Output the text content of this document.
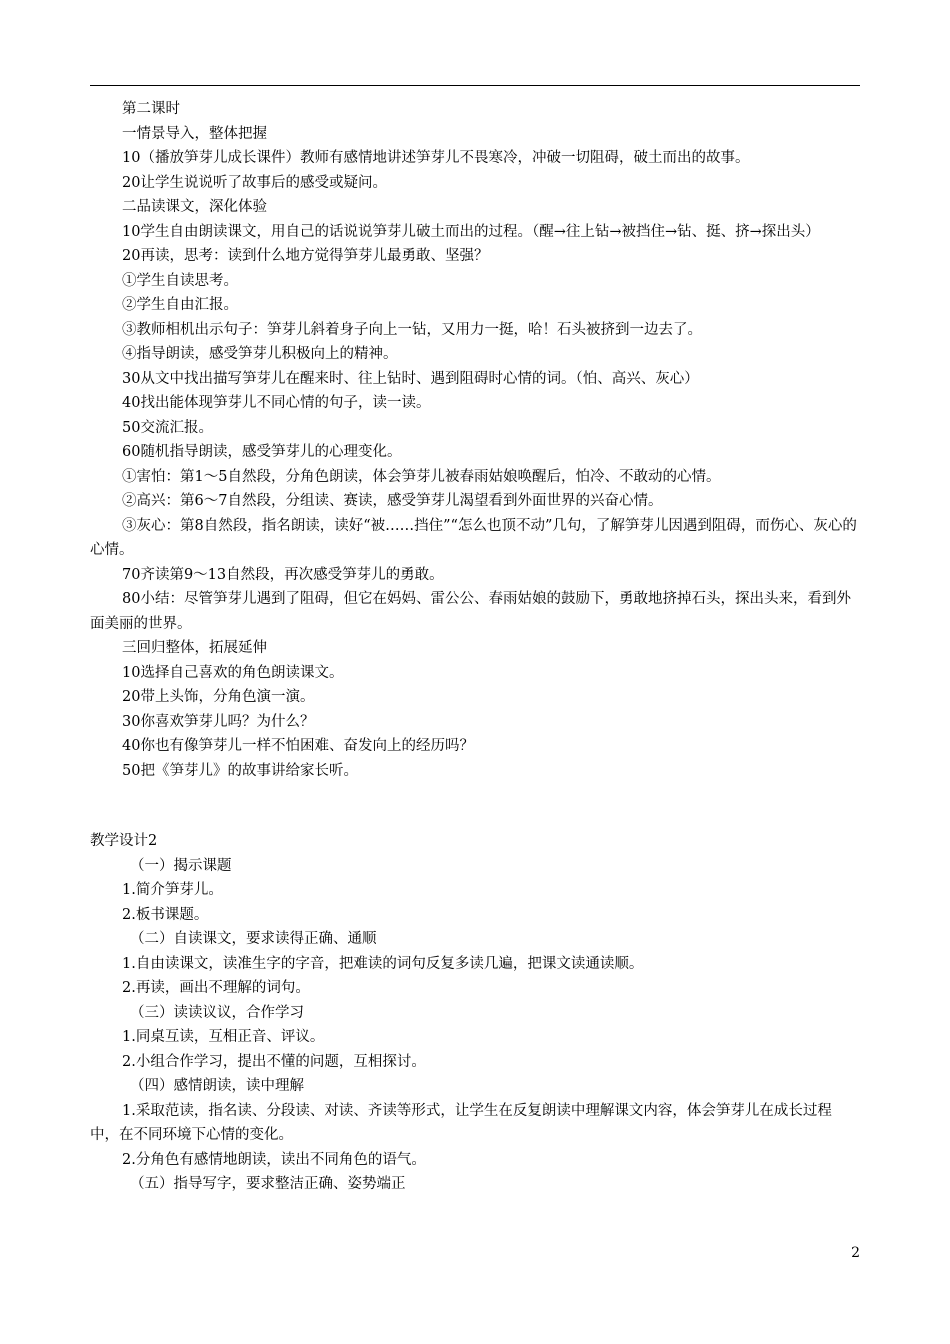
第二课时
一情景导入，整体把握
10（播放笋芽儿成长课件）教师有感情地讲述笋芽儿不畏寒冷，冲破一切阻碍，破土而出的故事。
20让学生说说听了故事后的感受或疑问。
二品读课文，深化体验
10学生自由朗读课文，用自己的话说说笋芽儿破土而出的过程。（醒→往上钻→被挡住→钻、挺、挤→探出头）
20再读，思考：读到什么地方觉得笋芽儿最勇敢、坚强？
①学生自读思考。
②学生自由汇报。
③教师相机出示句子：笋芽儿斜着身子向上一钻，又用力一挺，哈！石头被挤到一边去了。
④指导朗读，感受笋芽儿积极向上的精神。
30从文中找出描写笋芽儿在醒来时、往上钻时、遇到阻碍时心情的词。（怕、高兴、灰心）
40找出能体现笋芽儿不同心情的句子，读一读。
50交流汇报。
60随机指导朗读，感受笋芽儿的心理变化。
①害怕：第1～5自然段，分角色朗读，体会笋芽儿被春雨姑娘唤醒后，怕冷、不敢动的心情。
②高兴：第6～7自然段，分组读、赛读，感受笋芽儿渴望看到外面世界的兴奋心情。
③灰心：第8自然段，指名朗读，读好“被……挡住”“怎么也顶不动”几句，了解笋芽儿因遇到阻碍，而伤心、灰心的心情。
70齐读第9～13自然段，再次感受笋芽儿的勇敢。
80小结：尽管笋芽儿遇到了阻碍，但它在妈妈、雷公公、春雨姑娘的鼓励下，勇敢地挤掉石头，探出头来，看到外面美丽的世界。
三回归整体，拓展延伸
10选择自己喜欢的角色朗读课文。
20带上头饰，分角色演一演。
30你喜欢笋芽儿吗？为什么？
40你也有像笋芽儿一样不怕困难、奋发向上的经历吗？
50把《笋芽儿》的故事讲给家长听。
教学设计2
（一）揭示课题
1.简介笋芽儿。
2.板书课题。
（二）自读课文，要求读得正确、通顺
1.自由读课文，读准生字的字音，把难读的词句反复多读几遍，把课文读通读顺。
2.再读，画出不理解的词句。
（三）读读议议，合作学习
1.同桌互读，互相正音、评议。
2.小组合作学习，提出不懂的问题，互相探讨。
（四）感情朗读，读中理解
1.采取范读，指名读、分段读、对读、齐读等形式，让学生在反复朗读中理解课文内容，体会笋芽儿在成长过程中，在不同环境下心情的变化。
2.分角色有感情地朗读，读出不同角色的语气。
（五）指导写字，要求整洁正确、姿势端正
2
